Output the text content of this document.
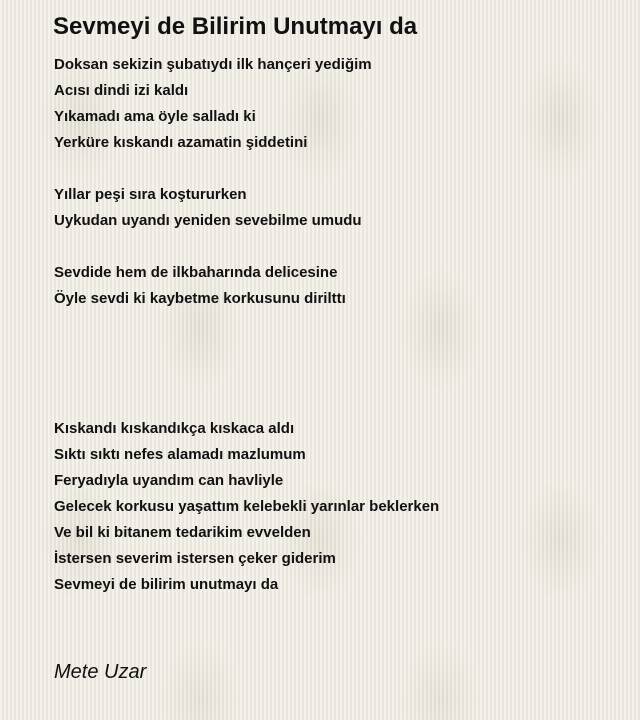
Sevmeyi de Bilirim Unutmayı da
Doksan sekizin şubatıydı ilk hançeri yediğim
Acısı dindi izi kaldı
Yıkamadı ama öyle salladı ki
Yerküre kıskandı azamatin şiddetini
Yıllar peşi sıra koştururken
Uykudan uyandı yeniden sevebilme umudu
Sevdide hem de ilkbaharında delicesine
Öyle sevdi ki kaybetme korkusunu dirilttı
Kıskandı kıskandıkça kıskaca aldı
Sıktı sıktı nefes alamadı mazlumum
Feryadıyla uyandım can havliyle
Gelecek korkusu yaşattım kelebekli yarınlar beklerken
Ve bil ki bitanem tedarikim evvelden
İstersen severim istersen çeker giderim
Sevmeyi de bilirim unutmayı da
Mete Uzar
